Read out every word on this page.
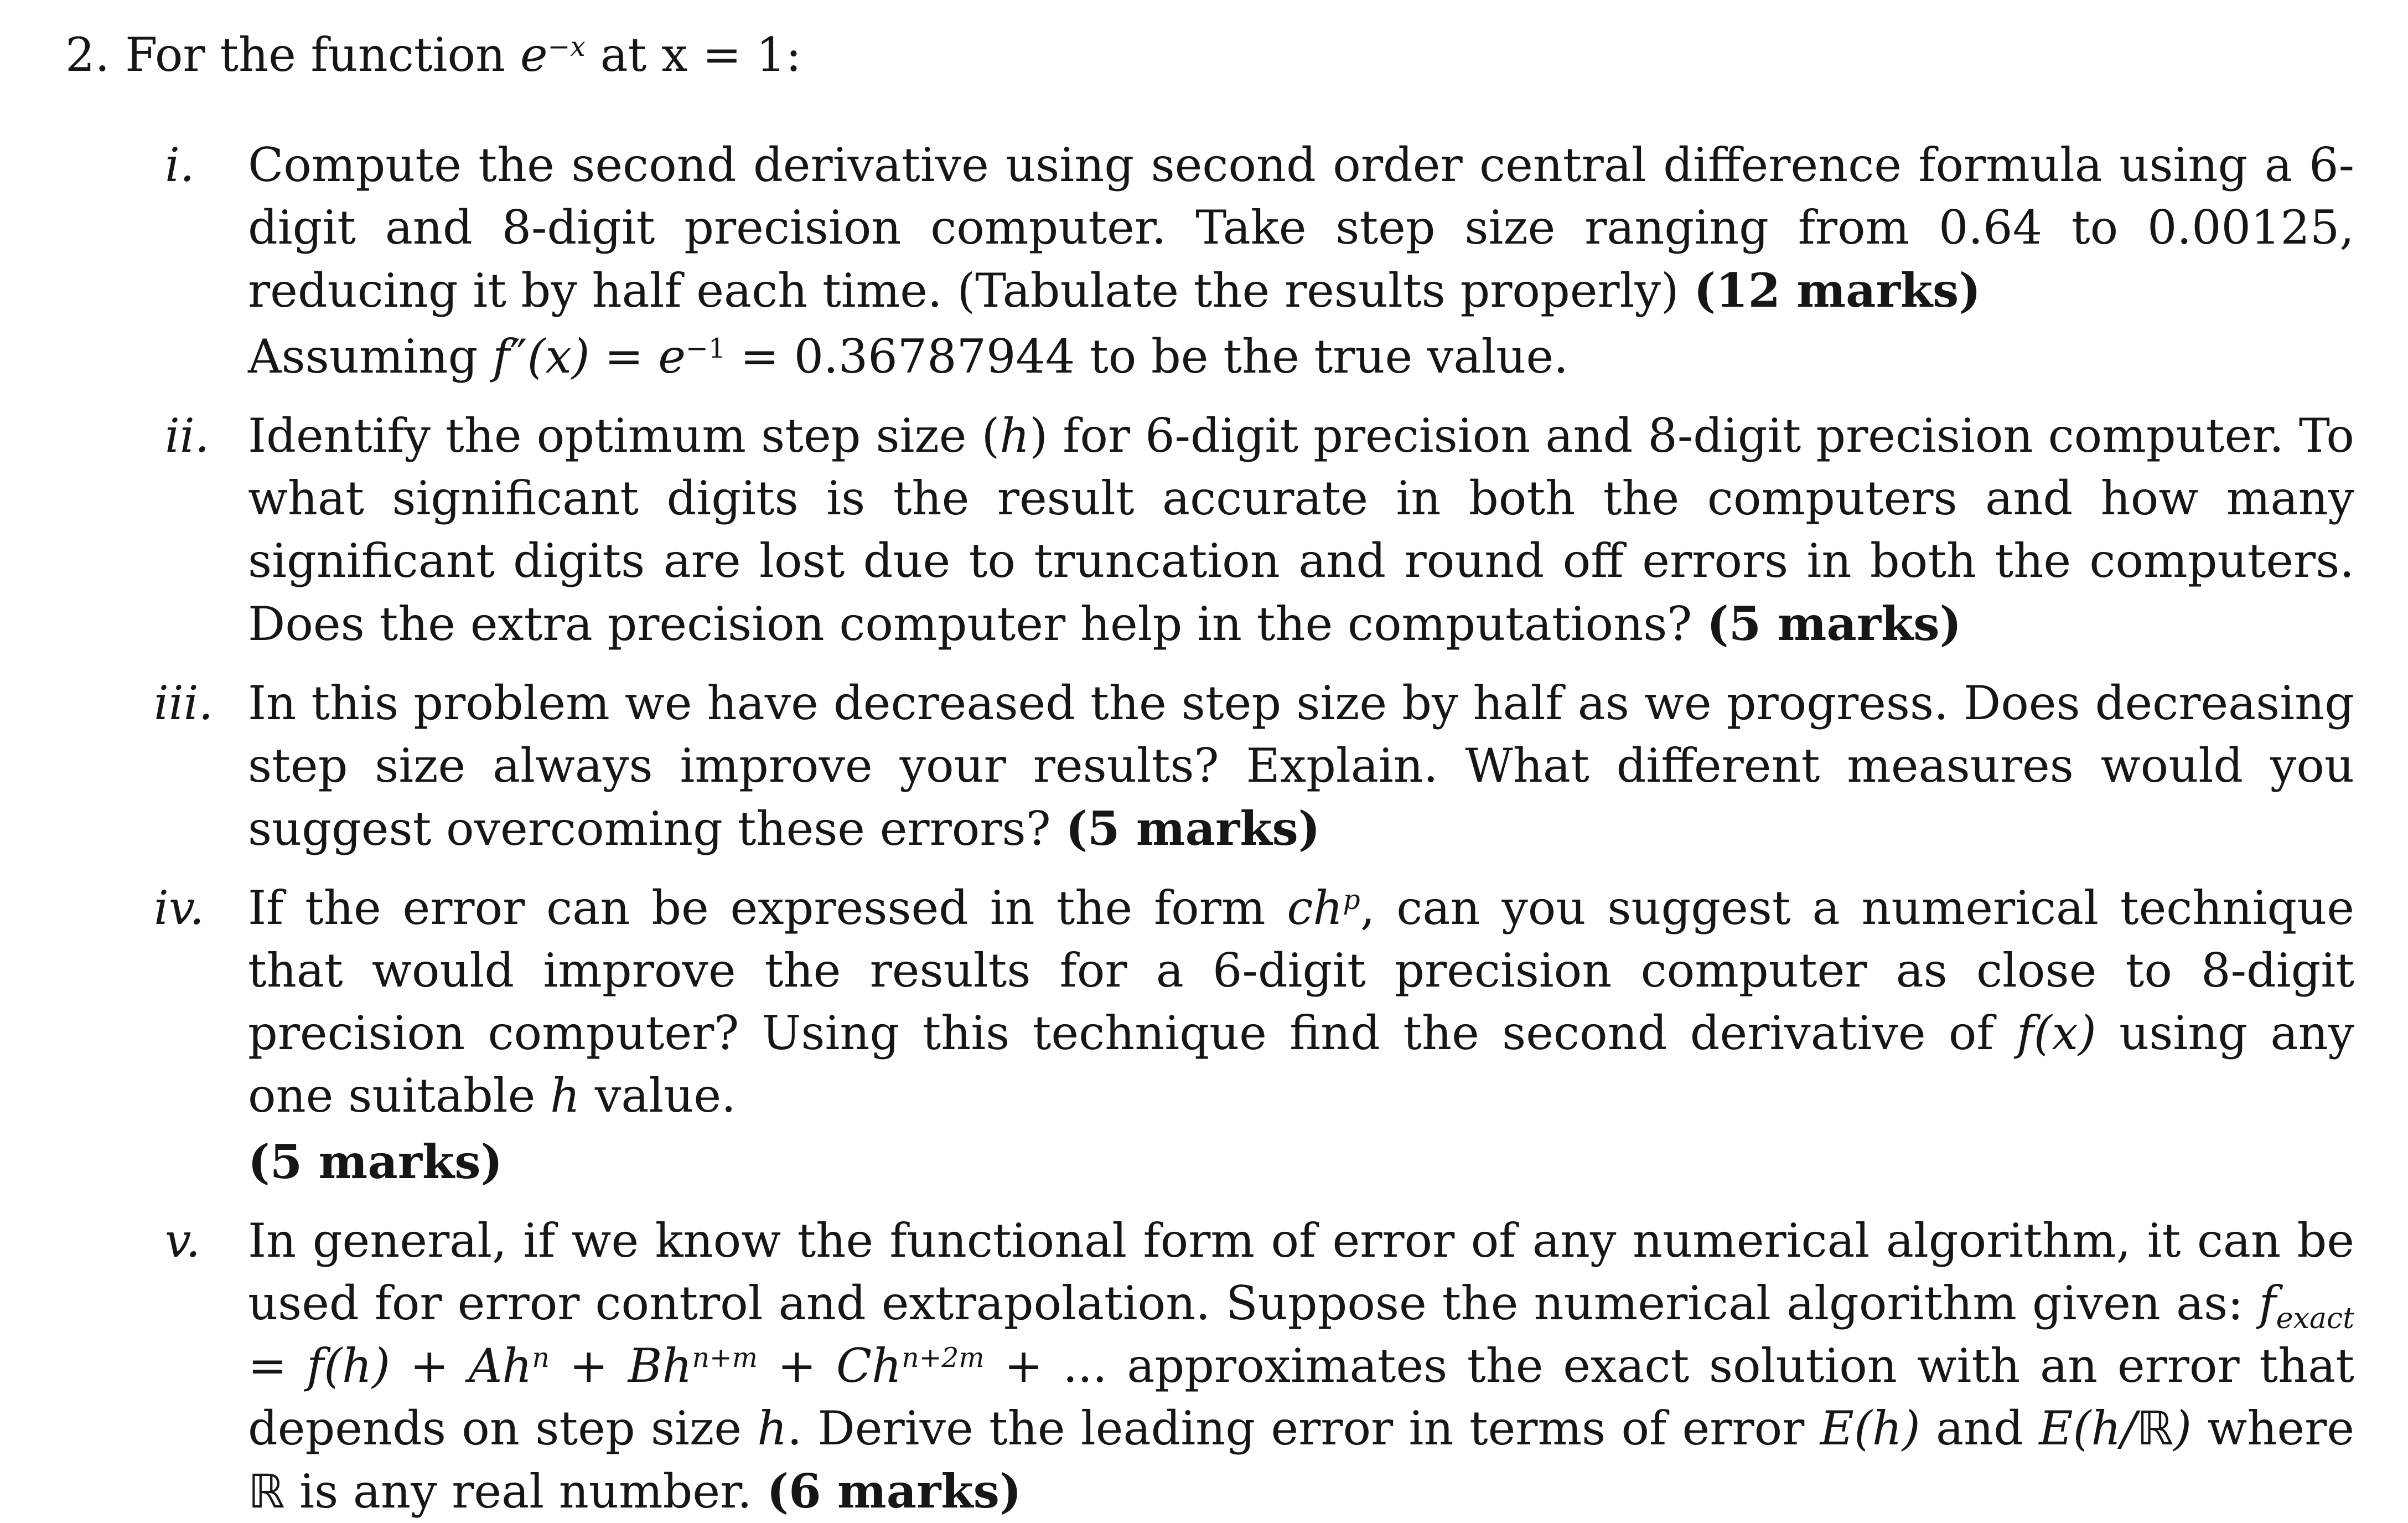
2. For the function $e^{-x}$ at x = 1:
i.	Compute the second derivative using second order central difference formula using a 6-digit and 8-digit precision computer. Take step size ranging from 0.64 to 0.00125, reducing it by half each time. (Tabulate the results properly) (12 marks)
Assuming $f''(x) = e^{-1} = 0.36787944$ to be the true value.
ii. Identify the optimum step size (h) for 6-digit precision and 8-digit precision computer. To what significant digits is the result accurate in both the computers and how many significant digits are lost due to truncation and round off errors in both the computers. Does the extra precision computer help in the computations? (5 marks)
iii. In this problem we have decreased the step size by half as we progress. Does decreasing step size always improve your results? Explain. What different measures would you suggest overcoming these errors? (5 marks)
iv. If the error can be expressed in the form $ch^p$, can you suggest a numerical technique that would improve the results for a 6-digit precision computer as close to 8-digit precision computer? Using this technique find the second derivative of f(x) using any one suitable h value.
(5 marks)
v.	In general, if we know the functional form of error of any numerical algorithm, it can be used for error control and extrapolation. Suppose the numerical algorithm given as: $f_{exact} = f(h) + Ah^n + Bh^{n+m} + Ch^{n+2m}$ + ... approximates the exact solution with an error that depends on step size h. Derive the leading error in terms of error E(h) and E(h/ℝ) where ℝ is any real number. (6 marks)
